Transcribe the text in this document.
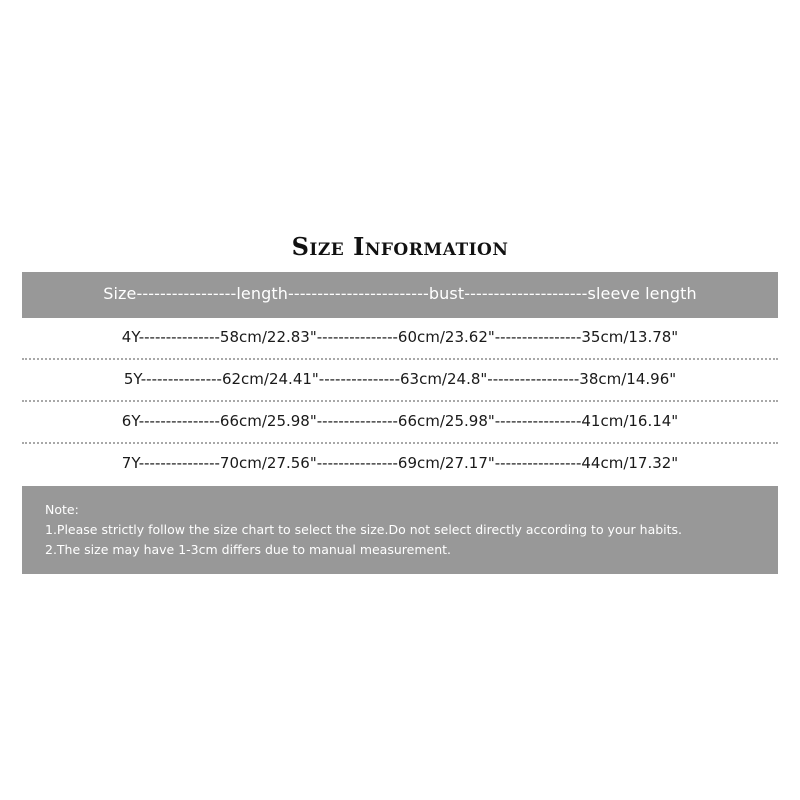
Size Information
Size-----------------length------------------------bust---------------------sleeve length
4Y---------------58cm/22.83"---------------60cm/23.62"----------------35cm/13.78"
5Y---------------62cm/24.41"---------------63cm/24.8"-----------------38cm/14.96"
6Y---------------66cm/25.98"---------------66cm/25.98"----------------41cm/16.14"
7Y---------------70cm/27.56"---------------69cm/27.17"----------------44cm/17.32"
Note:
1.Please strictly follow the size chart to select the size.Do not select directly according to your habits.
2.The size may have 1-3cm differs due to manual measurement.
